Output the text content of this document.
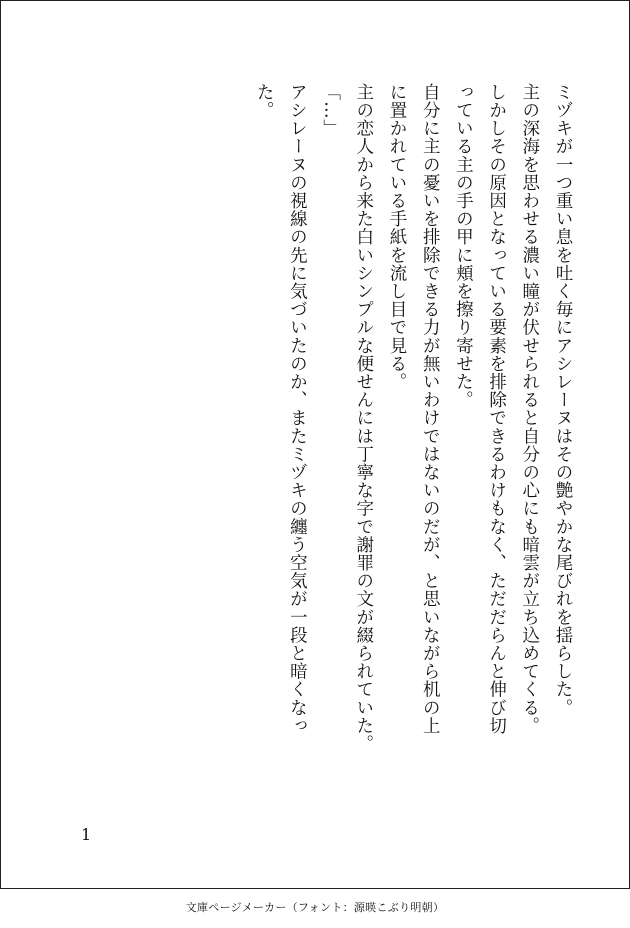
ミヅキが一つ重い息を吐く毎にアシレーヌはその艶やかな尾びれを揺らした。

主の深海を思わせる濃い瞳が伏せられると自分の心にも暗雲が立ち込めてくる。

しかしその原因となっている要素を排除できるわけもなく、ただだらんと伸び切

っている主の手の甲に頬を擦り寄せた。

自分に主の憂いを排除できる力が無いわけではないのだが、と思いながら机の上

に置かれている手紙を流し目で見る。

主の恋人から来た白いシンプルな便せんには丁寧な字で謝罪の文が綴られていた。

「…」

アシレーヌの視線の先に気づいたのか、またミヅキの纏う空気が一段と暗くなっ

た。

1
文庫ページメーカー（フォント：源暎こぶり明朝）
